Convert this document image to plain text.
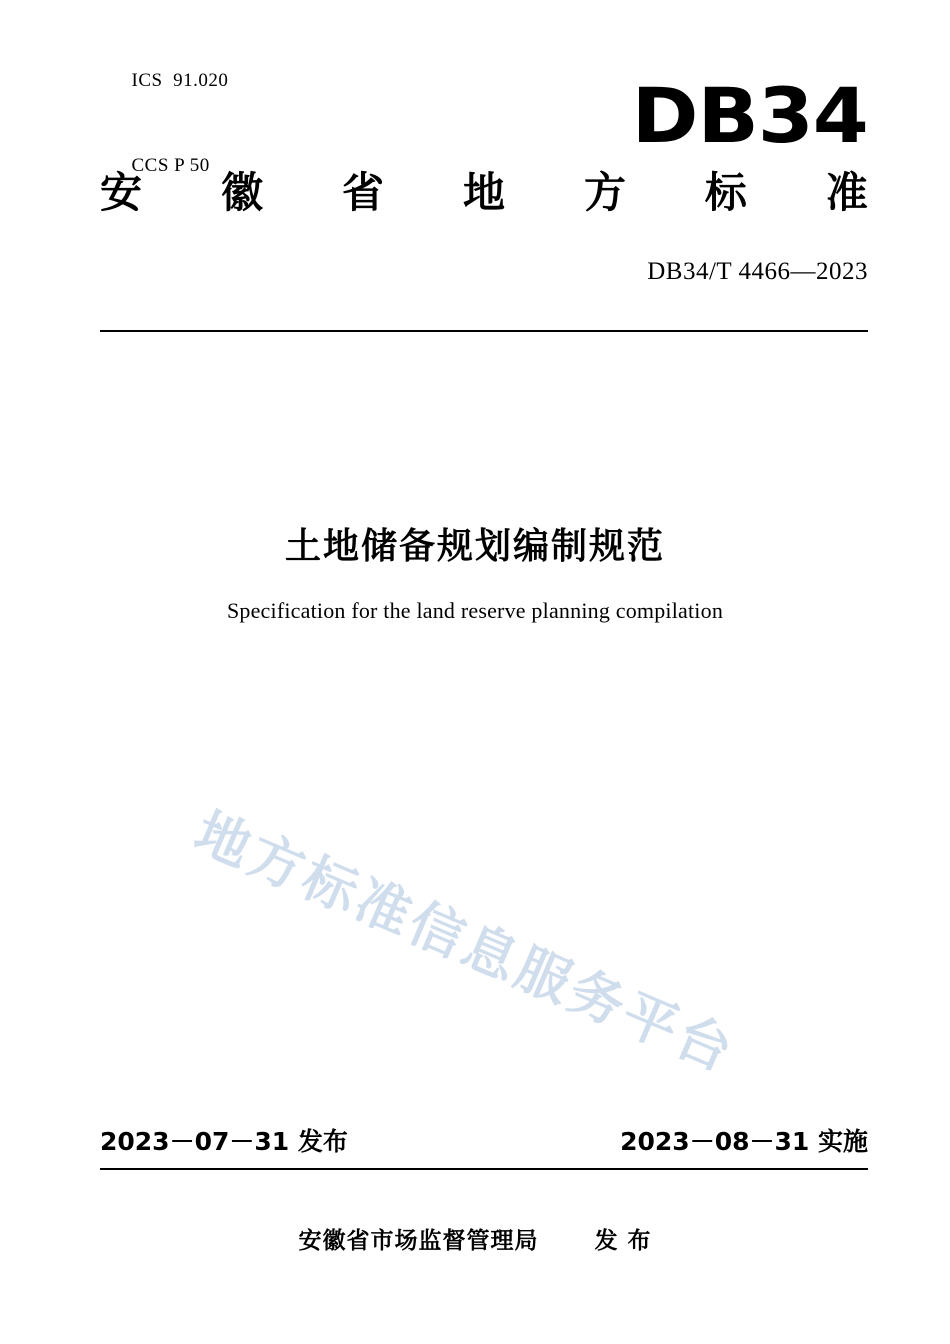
ICS 91.020

CCS P 50

DB34
安 徽 省 地 方 标 准
DB34/T 4466—2023
土地储备规划编制规范
Specification for the land reserve planning compilation
地方标准信息服务平台
2023－07－31 发布	2023－08－31 实施
安徽省市场监督管理局 发 布
